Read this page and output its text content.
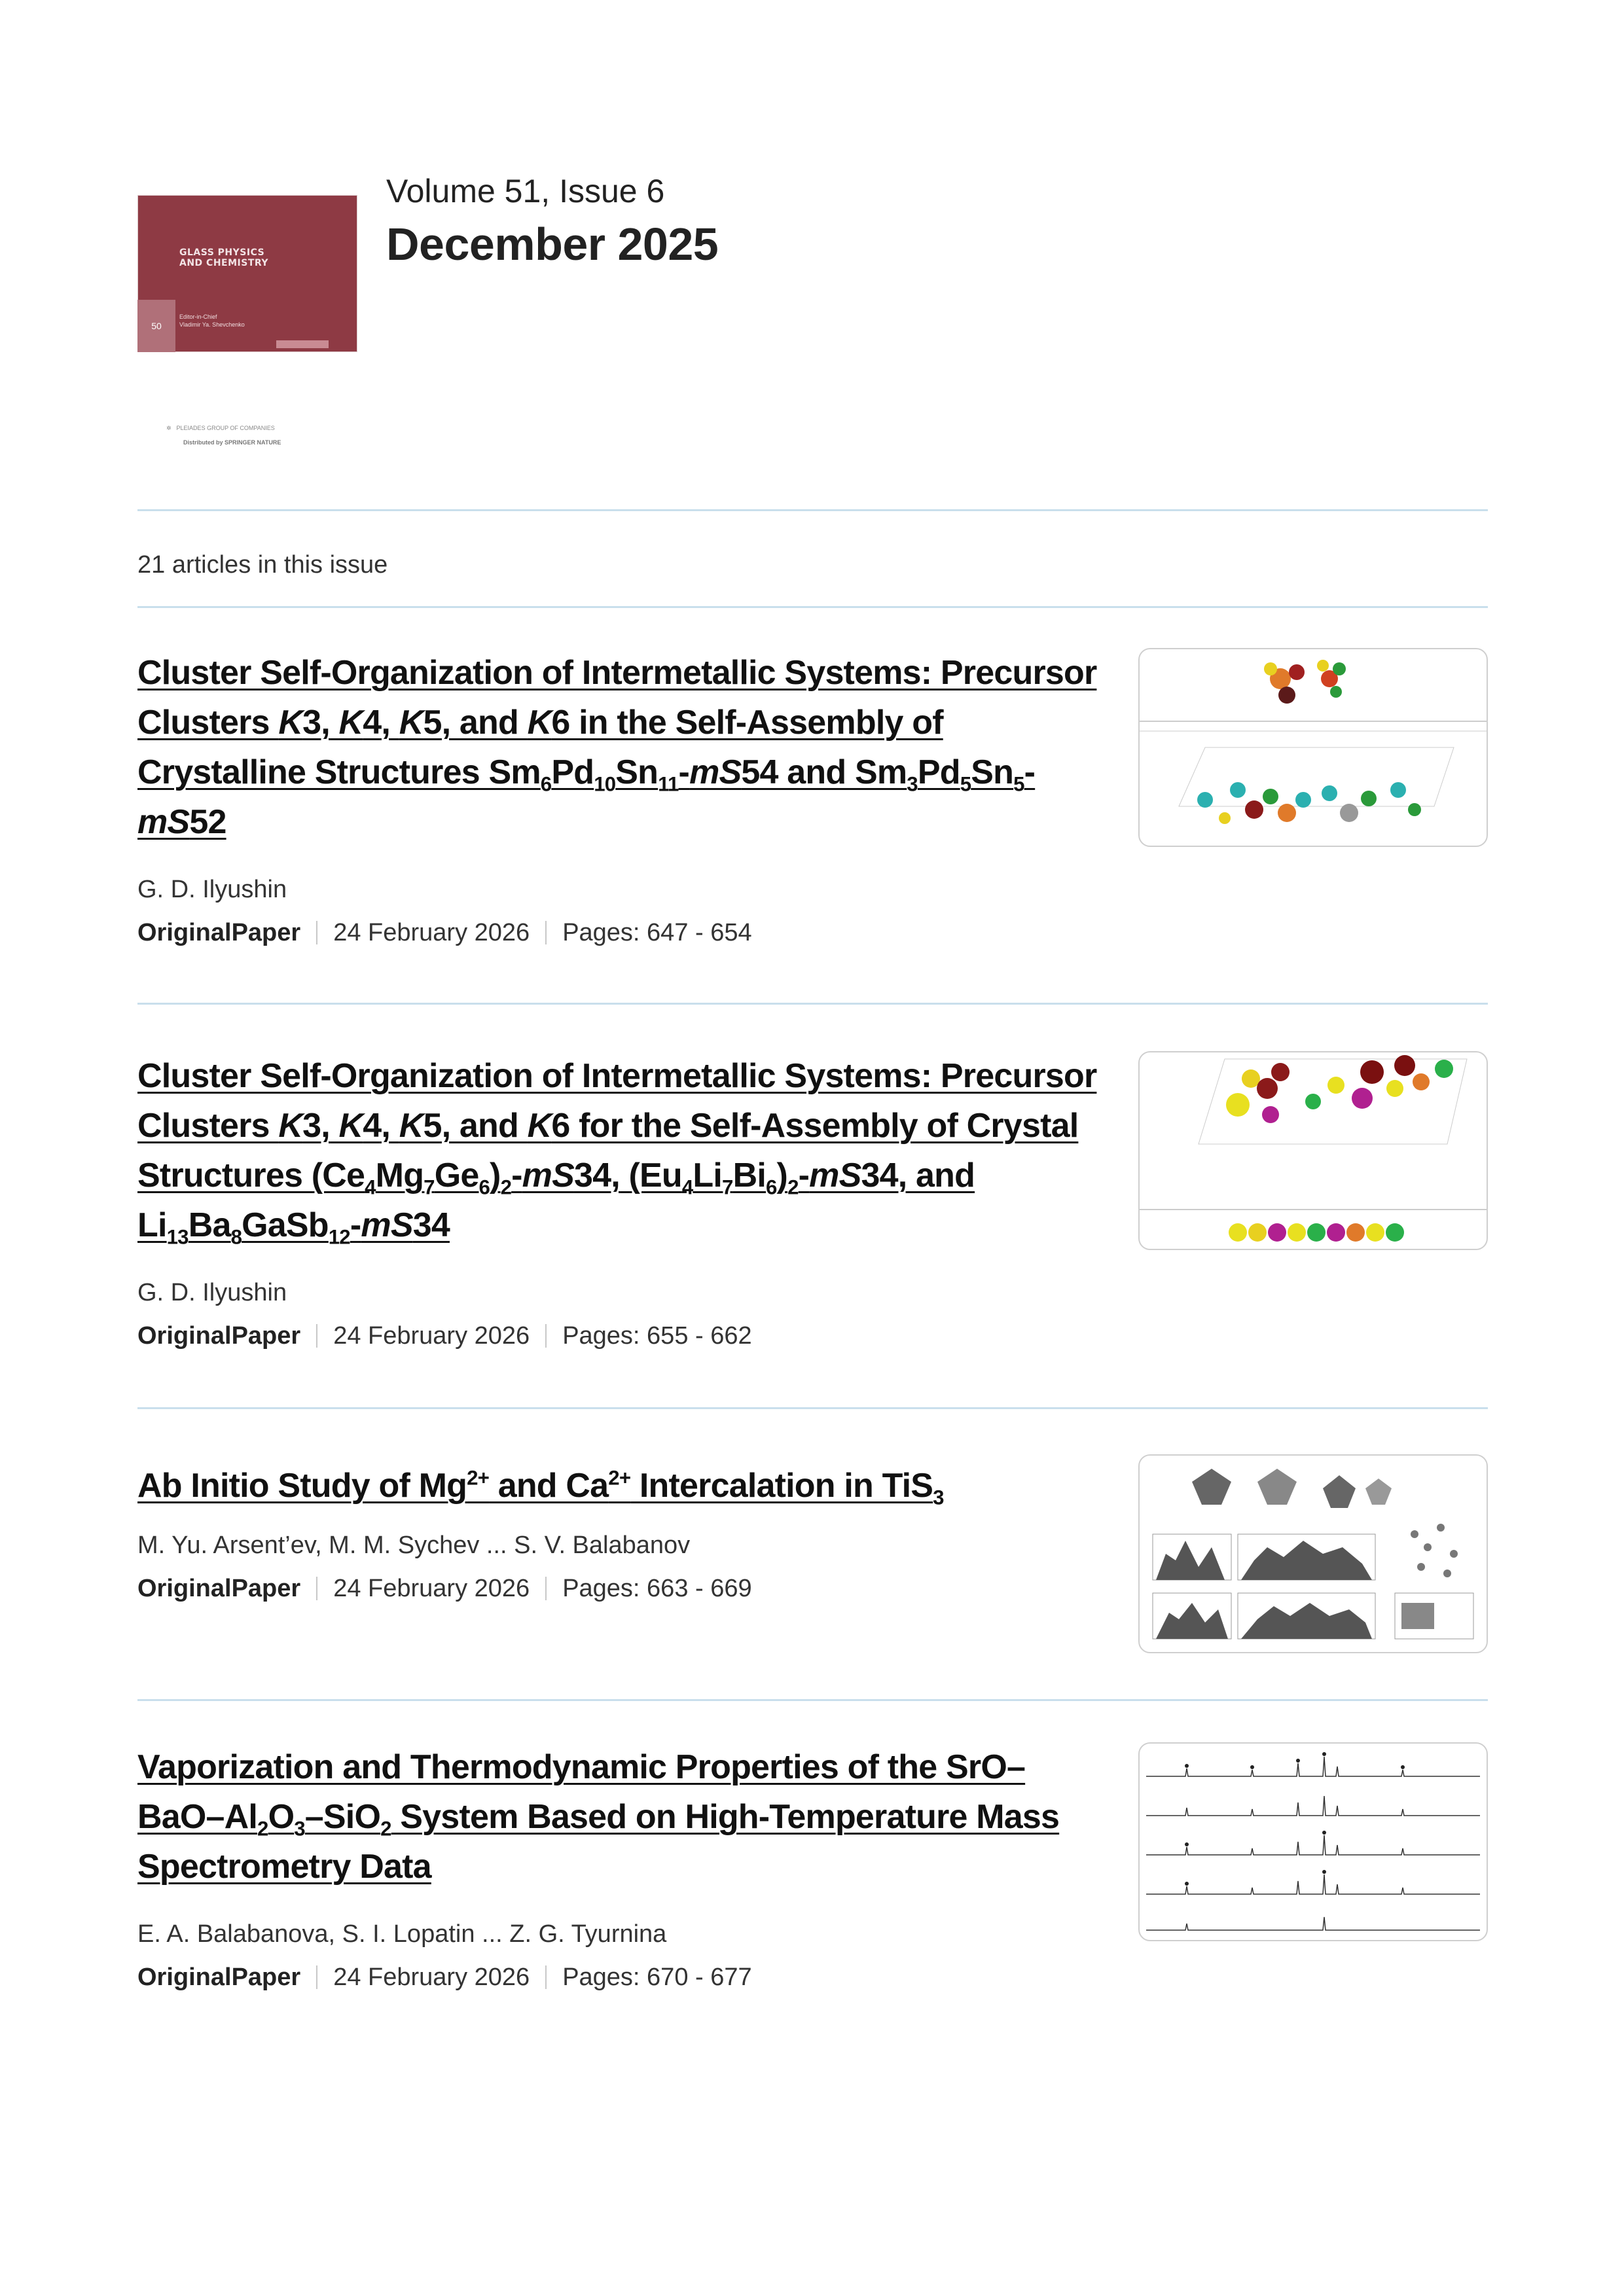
GLASS PHYSICS
AND CHEMISTRY
Editor-in-Chief
Vladimir Ya. Shevchenko
50
✲ PLEIADES GROUP OF COMPANIES
Distributed by SPRINGER NATURE

Volume 51, Issue 6

December 2025

21 articles in this issue
Cluster Self-Organization of Intermetallic Systems: Precursor Clusters K3, K4, K5, and K6 in the Self-Assembly of Crystalline Structures $Sm_6Pd_{10}Sn_{11}-mS54$ and $Sm_3Pd_5Sn_5-mS52$
G. D. Ilyushin
OriginalPaper 24 February 2026 Pages: 647 - 654
Cluster Self-Organization of Intermetallic Systems: Precursor Clusters K3, K4, K5, and K6 for the Self-Assembly of Crystal Structures $(Ce_4Mg_7Ge_6)_2-mS34$, $(Eu_4Li_7Bi_6)_2-mS34$, and $Li_{13}Ba_8GaSb_{12}-mS34$
G. D. Ilyushin
OriginalPaper 24 February 2026 Pages: 655 - 662
Ab Initio Study of $Mg^{2+}$ and $Ca^{2+}$ Intercalation in TiS$_3$
M. Yu. Arsent’ev, M. M. Sychev ... S. V. Balabanov
OriginalPaper 24 February 2026 Pages: 663 - 669
Vaporization and Thermodynamic Properties of the SrO–$BaO-Al_2O_3-SiO_2$ System Based on High-Temperature Mass Spectrometry Data
E. A. Balabanova, S. I. Lopatin ... Z. G. Tyurnina
OriginalPaper 24 February 2026 Pages: 670 - 677
